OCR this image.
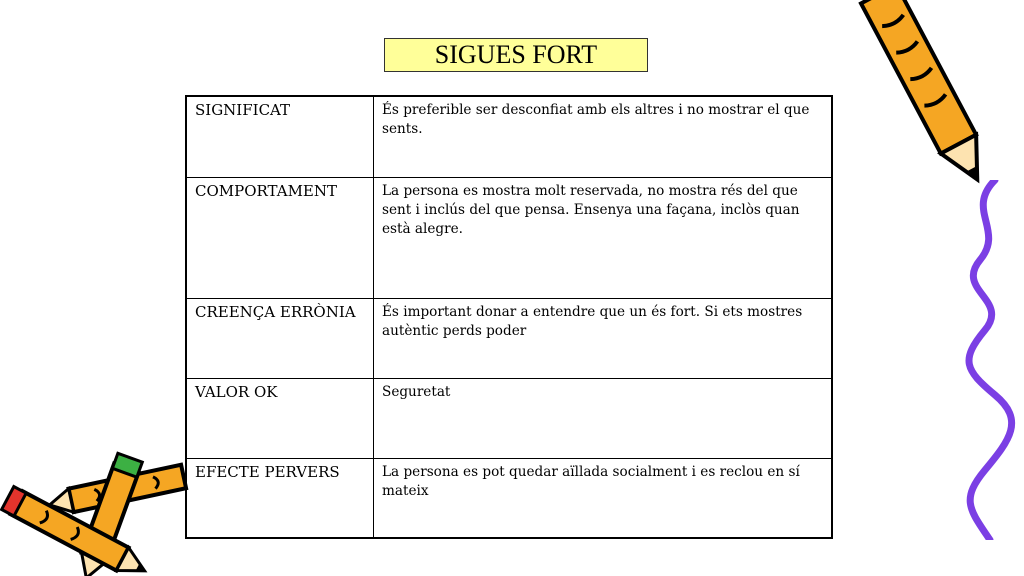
SIGUES FORT
SIGNIFICAT	És preferible ser desconfiat amb els altres i no mostrar el que sents.
COMPORTAMENT	La persona es mostra molt reservada, no mostra rés del que sent i inclús del que pensa. Ensenya una façana, inclòs quan està alegre.
CREENÇA ERRÒNIA	És important donar a entendre que un és fort. Si ets mostres autèntic perds poder
VALOR OK	Seguretat
EFECTE PERVERS	La persona es pot quedar aïllada socialment i es reclou en sí mateix
